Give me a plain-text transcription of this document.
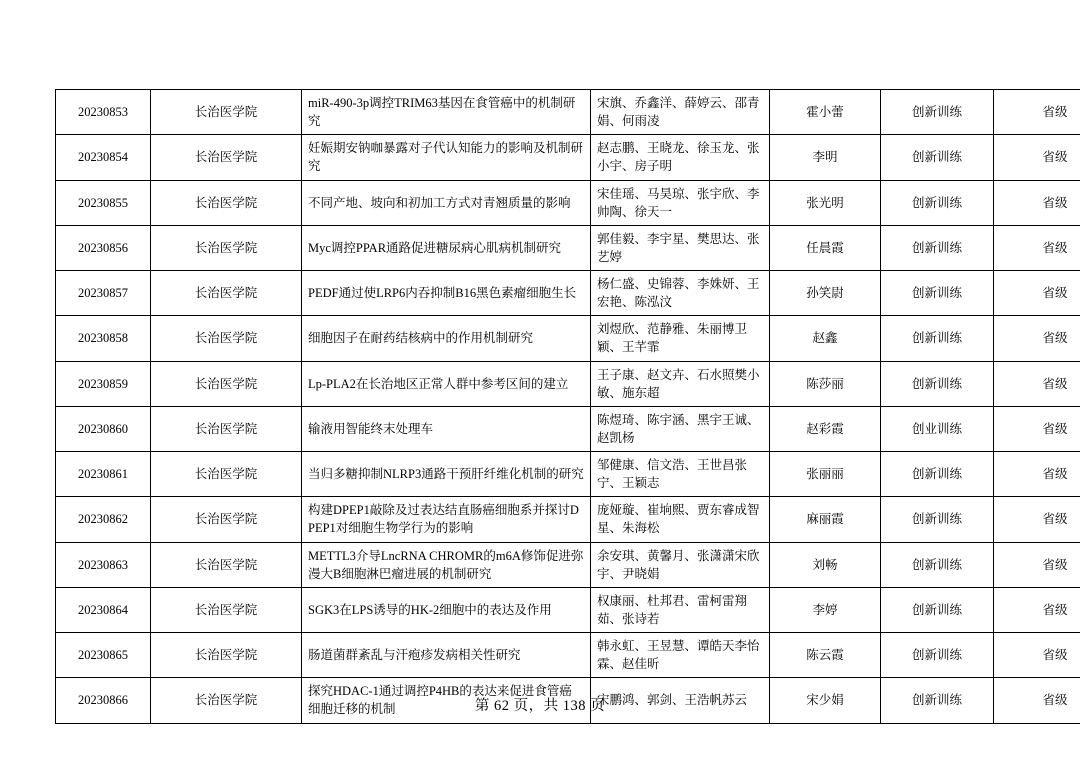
20230853	长治医学院	miR-490-3p调控TRIM63基因在食管癌中的机制研究	宋旗、乔鑫洋、薛婷云、邵青娟、何雨凌	霍小蕾	创新训练	省级
20230854	长治医学院	妊娠期安钠咖暴露对子代认知能力的影响及机制研究	赵志鹏、王晓龙、徐玉龙、张小宇、房子明	李明	创新训练	省级
20230855	长治医学院	不同产地、坡向和初加工方式对青翘质量的影响	宋佳瑶、马昊琼、张宇欣、李帅陶、徐天一	张光明	创新训练	省级
20230856	长治医学院	Myc调控PPAR通路促进糖尿病心肌病机制研究	郭佳毅、李宇星、樊思达、张艺婷	任晨霞	创新训练	省级
20230857	长治医学院	PEDF通过使LRP6内吞抑制B16黑色素瘤细胞生长	杨仁盛、史锦蓉、李姝妍、王宏艳、陈泓汶	孙笑尉	创新训练	省级
20230858	长治医学院	细胞因子在耐药结核病中的作用机制研究	刘煜欣、范静雅、朱丽博卫颖、王芊霏	赵鑫	创新训练	省级
20230859	长治医学院	Lp-PLA2在长治地区正常人群中参考区间的建立	王子康、赵文卉、石水照樊小敏、施东超	陈莎丽	创新训练	省级
20230860	长治医学院	输液用智能终末处理车	陈煜琦、陈宇涵、黑宇王诚、赵凯杨	赵彩霞	创业训练	省级
20230861	长治医学院	当归多糖抑制NLRP3通路干预肝纤维化机制的研究	邹健康、信文浩、王世昌张宁、王颖志	张丽丽	创新训练	省级
20230862	长治医学院	构建DPEP1敲除及过表达结直肠癌细胞系并探讨DPEP1对细胞生物学行为的影响	庞娅璇、崔垧熙、贾东睿成智星、朱海松	麻丽霞	创新训练	省级
20230863	长治医学院	METTL3介导LncRNA CHROMR的m6A修饰促进弥漫大B细胞淋巴瘤进展的机制研究	余安琪、黄馨月、张潇潇宋欣宇、尹晓娟	刘畅	创新训练	省级
20230864	长治医学院	SGK3在LPS诱导的HK-2细胞中的表达及作用	权康丽、杜邦君、雷柯雷翔茹、张诗若	李婷	创新训练	省级
20230865	长治医学院	肠道菌群紊乱与汗疱疹发病相关性研究	韩永虹、王昱慧、谭皓天李怡霖、赵佳昕	陈云霞	创新训练	省级
20230866	长治医学院	探究HDAC-1通过调控P4HB的表达来促进食管癌细胞迁移的机制	宋鹏鸿、郭剑、王浩帆苏云	宋少娟	创新训练	省级
第 62 页，共 138 页
